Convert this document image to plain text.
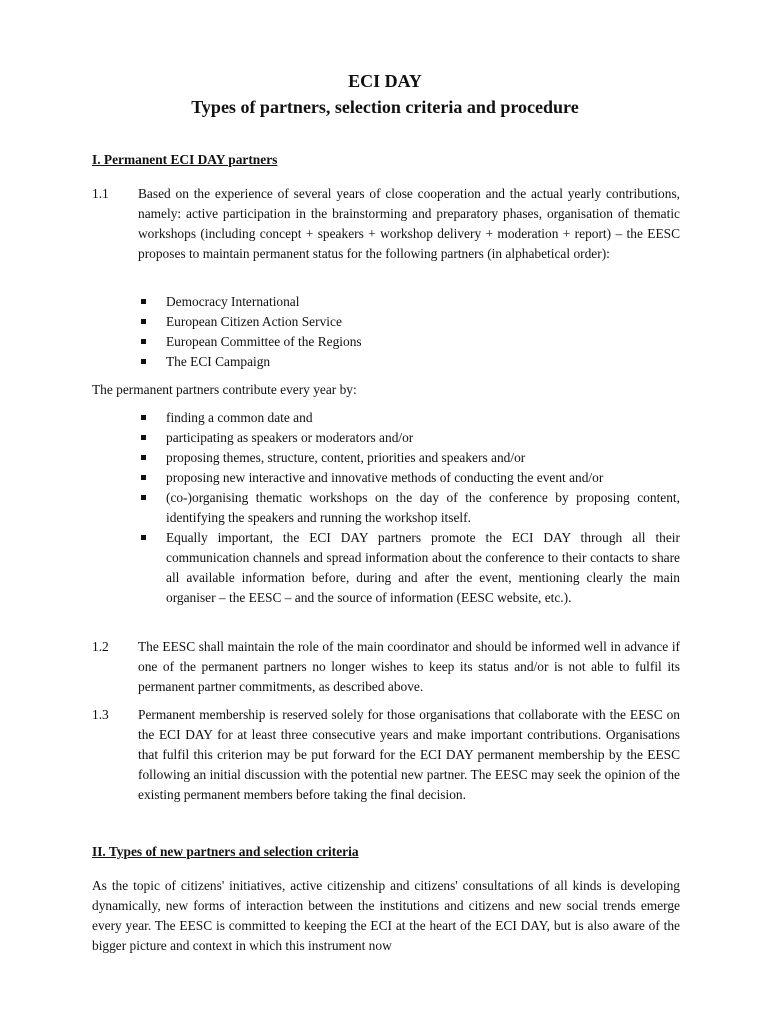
ECI DAY

Types of partners, selection criteria and procedure

I. Permanent ECI DAY partners

1.1 Based on the experience of several years of close cooperation and the actual yearly contributions, namely: active participation in the brainstorming and preparatory phases, organisation of thematic workshops (including concept + speakers + workshop delivery + moderation + report) – the EESC proposes to maintain permanent status for the following partners (in alphabetical order):
Democracy International
European Citizen Action Service
European Committee of the Regions
The ECI Campaign

The permanent partners contribute every year by:

finding a common date and
participating as speakers or moderators and/or
proposing themes, structure, content, priorities and speakers and/or
proposing new interactive and innovative methods of conducting the event and/or
(co-)organising thematic workshops on the day of the conference by proposing content, identifying the speakers and running the workshop itself.
Equally important, the ECI DAY partners promote the ECI DAY through all their communication channels and spread information about the conference to their contacts to share all available information before, during and after the event, mentioning clearly the main organiser – the EESC – and the source of information (EESC website, etc.).
1.2 The EESC shall maintain the role of the main coordinator and should be informed well in advance if one of the permanent partners no longer wishes to keep its status and/or is not able to fulfil its permanent partner commitments, as described above.
1.3 Permanent membership is reserved solely for those organisations that collaborate with the EESC on the ECI DAY for at least three consecutive years and make important contributions. Organisations that fulfil this criterion may be put forward for the ECI DAY permanent membership by the EESC following an initial discussion with the potential new partner. The EESC may seek the opinion of the existing permanent members before taking the final decision.

II. Types of new partners and selection criteria

As the topic of citizens' initiatives, active citizenship and citizens' consultations of all kinds is developing dynamically, new forms of interaction between the institutions and citizens and new social trends emerge every year. The EESC is committed to keeping the ECI at the heart of the ECI DAY, but is also aware of the bigger picture and context in which this instrument now
